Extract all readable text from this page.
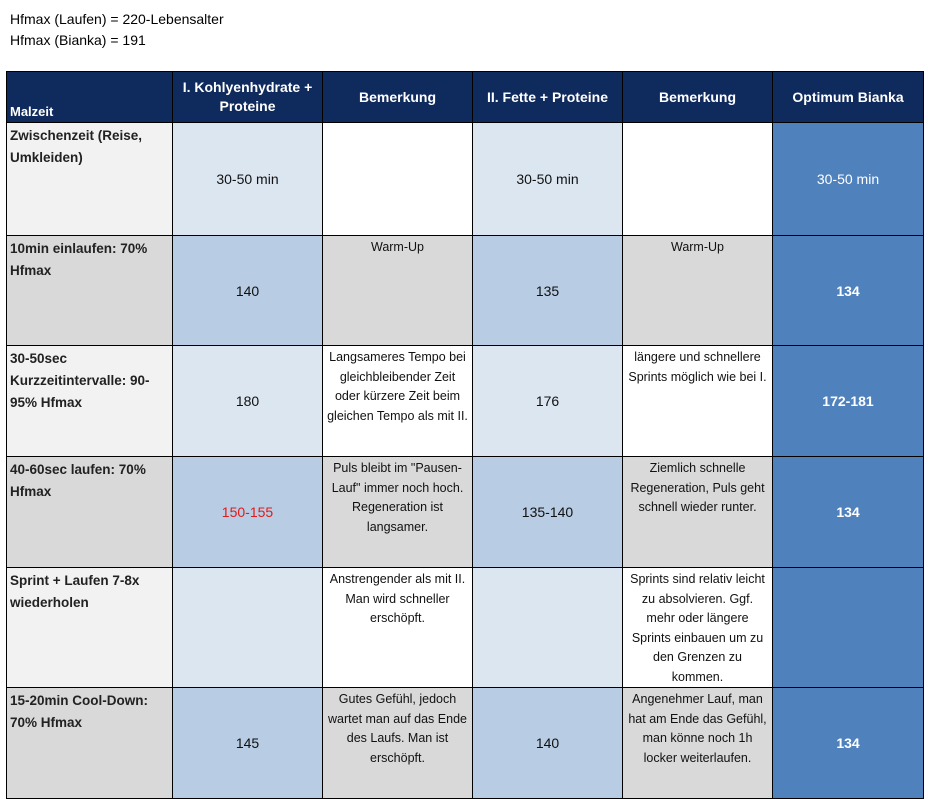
Hfmax (Laufen) = 220-Lebensalter
Hfmax (Bianka) = 191
Malzeit	I. Kohlyenhydrate + Proteine	Bemerkung	II. Fette + Proteine	Bemerkung	Optimum Bianka
Zwischenzeit (Reise, Umkleiden)	30-50 min		30-50 min		30-50 min
10min einlaufen: 70% Hfmax	140	Warm-Up	135	Warm-Up	134
30-50sec Kurzzeitintervalle: 90-95% Hfmax	180	Langsameres Tempo bei gleichbleibender Zeit oder kürzere Zeit beim gleichen Tempo als mit II.	176	längere und schnellere Sprints möglich wie bei I.	172-181
40-60sec laufen: 70% Hfmax	150-155	Puls bleibt im "Pausen-Lauf" immer noch hoch. Regeneration ist langsamer.	135-140	Ziemlich schnelle Regeneration, Puls geht schnell wieder runter.	134
Sprint + Laufen 7-8x wiederholen		Anstrengender als mit II. Man wird schneller erschöpft.		Sprints sind relativ leicht zu absolvieren. Ggf. mehr oder längere Sprints einbauen um zu den Grenzen zu kommen.	
15-20min Cool-Down: 70% Hfmax	145	Gutes Gefühl, jedoch wartet man auf das Ende des Laufs. Man ist erschöpft.	140	Angenehmer Lauf, man hat am Ende das Gefühl, man könne noch 1h locker weiterlaufen.	134
